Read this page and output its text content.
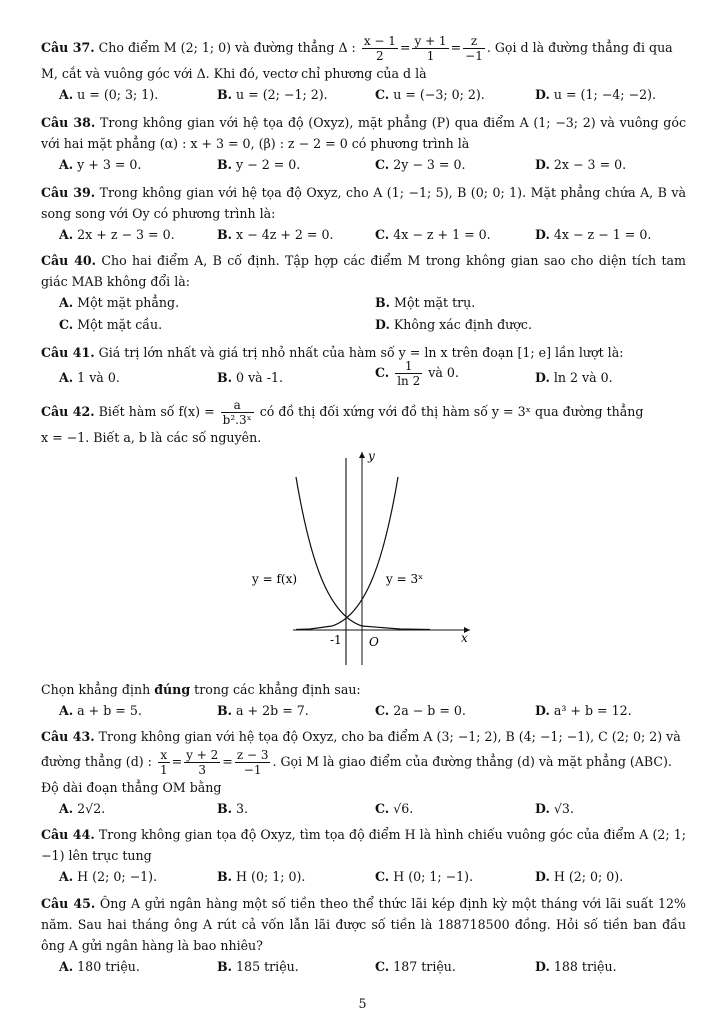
Câu 37. Cho điểm M (2; 1; 0) và đường thẳng Δ : $\frac{x - 1}{2} = \frac{y + 1}{1} = \frac{z}{-1}$ . Gọi d là đường thẳng đi qua
M, cắt và vuông góc với Δ. Khi đó, vectơ chỉ phương của d là
A. u = (0; 3; 1).	B. u = (2; −1; 2).	C. u = (−3; 0; 2).	D. u = (1; −4; −2).
Câu 38. Trong không gian với hệ tọa độ (Oxyz), mặt phẳng (P) qua điểm A (1; −3; 2) và vuông góc với hai mặt phẳng (α) : x + 3 = 0, (β) : z − 2 = 0 có phương trình là
A. y + 3 = 0.	B. y − 2 = 0.	C. 2y − 3 = 0.	D. 2x − 3 = 0.
Câu 39. Trong không gian với hệ tọa độ Oxyz, cho A (1; −1; 5), B (0; 0; 1). Mặt phẳng chứa A, B và song song với Oy có phương trình là:
A. 2x + z − 3 = 0.	B. x − 4z + 2 = 0.	C. 4x − z + 1 = 0.	D. 4x − z − 1 = 0.
Câu 40. Cho hai điểm A, B cố định. Tập hợp các điểm M trong không gian sao cho diện tích tam giác MAB không đổi là:
A. Một mặt phẳng.	B. Một mặt trụ.
C. Một mặt cầu.	D. Không xác định được.
Câu 41. Giá trị lớn nhất và giá trị nhỏ nhất của hàm số y = ln x trên đoạn [1; e] lần lượt là:
A. 1 và 0.	B. 0 và -1.	C. $\frac{1}{\ln 2}$ và 0.	D. ln 2 và 0.
Câu 42. Biết hàm số $f(x) = \frac{a}{\text{b².3ˣ}}$ có đồ thị đối xứng với đồ thị hàm số y = 3ˣ qua đường thẳng
x = −1. Biết a, b là các số nguyên.
y
x
y = f(x)	y = 3ˣ
-1 O
Chọn khẳng định đúng trong các khẳng định sau:
A. a + b = 5.	B. a + 2b = 7.	C. 2a − b = 0.	D. a³ + b = 12.
Câu 43. Trong không gian với hệ tọa độ Oxyz, cho ba điểm A (3; −1; 2), B (4; −1; −1), C (2; 0; 2) và
đường thẳng (d) : $\frac{x}{1} = \frac{y + 2}{3} = \frac{z - 3}{-1}$ . Gọi M là giao điểm của đường thẳng (d) và mặt phẳng (ABC).
Độ dài đoạn thẳng OM bằng
A. 2√2.	B. 3.	C. √6.	D. √3.
Câu 44. Trong không gian tọa độ Oxyz, tìm tọa độ điểm H là hình chiếu vuông góc của điểm A (2; 1; −1) lên trục tung
A. H (2; 0; −1).	B. H (0; 1; 0).	C. H (0; 1; −1).	D. H (2; 0; 0).
Câu 45. Ông A gửi ngân hàng một số tiền theo thể thức lãi kép định kỳ một tháng với lãi suất 12% năm. Sau hai tháng ông A rút cả vốn lẫn lãi được số tiền là 188718500 đồng. Hỏi số tiền ban đầu ông A gửi ngân hàng là bao nhiêu?
A. 180 triệu.	B. 185 triệu.	C. 187 triệu.	D. 188 triệu.
5
